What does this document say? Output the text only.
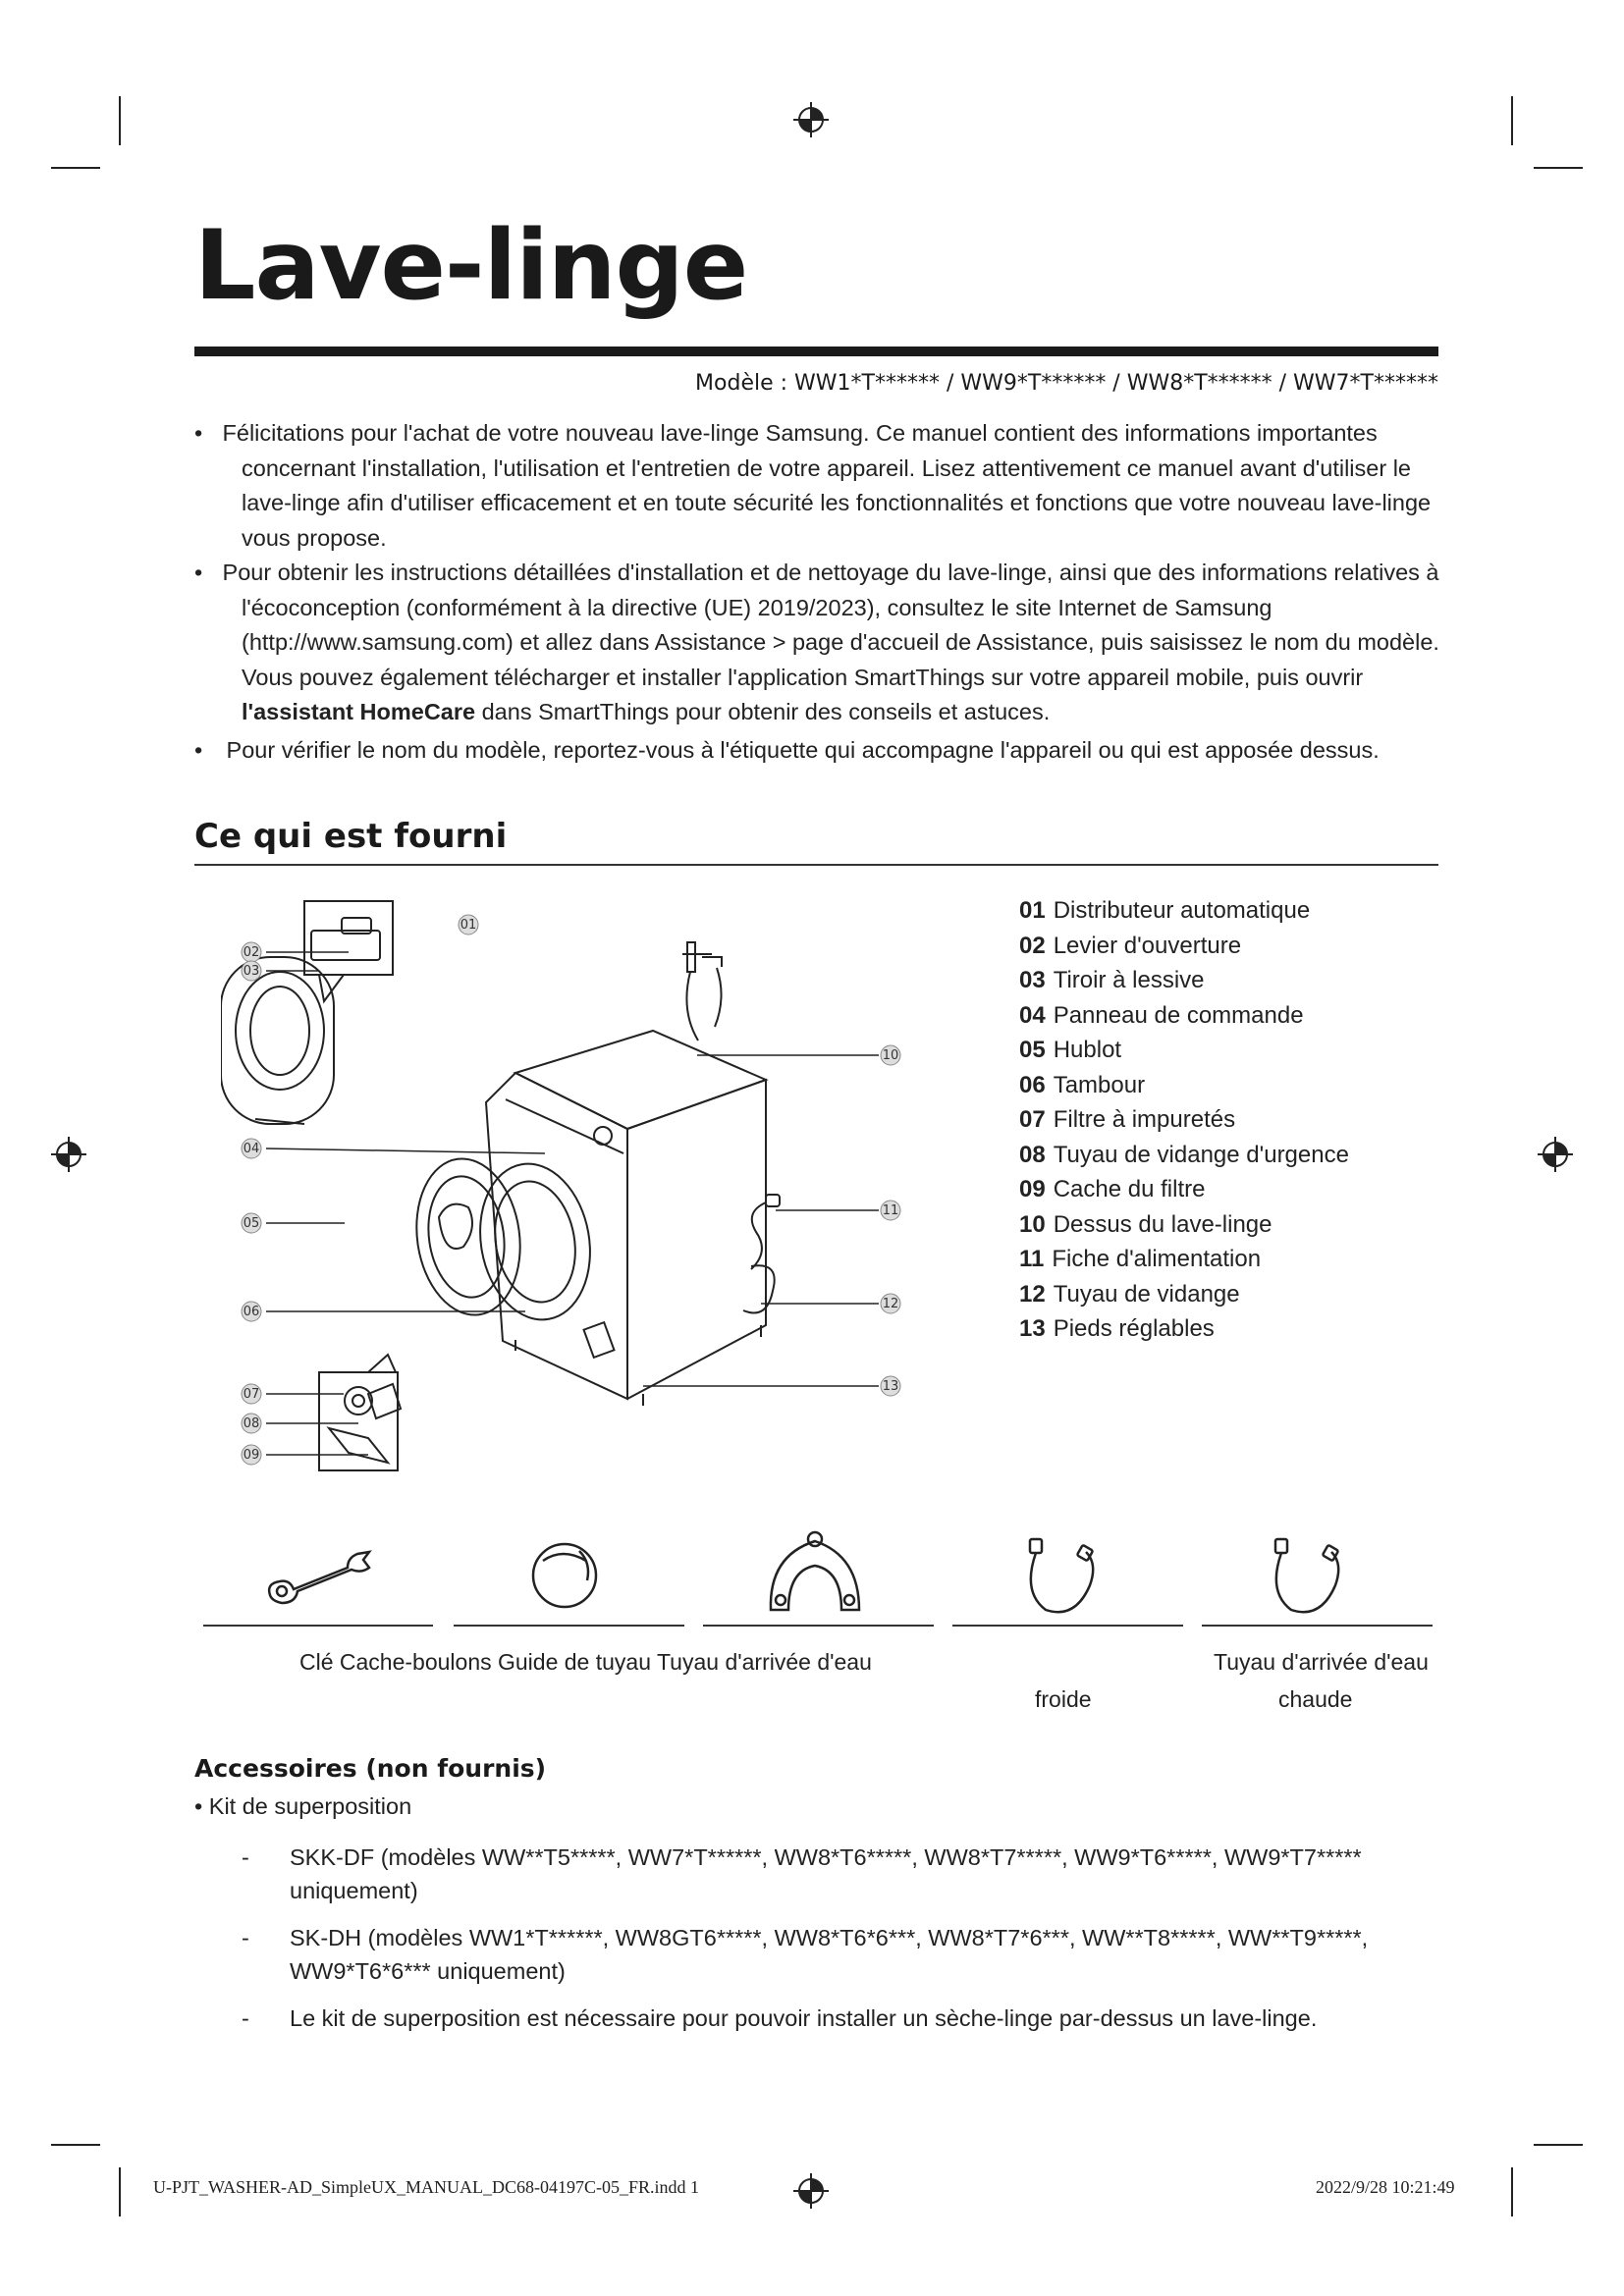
Lave-linge
Modèle : WW1*T****** / WW9*T****** / WW8*T****** / WW7*T******

• Félicitations pour l'achat de votre nouveau lave-linge Samsung. Ce manuel contient des informations importantes concernant l'installation, l'utilisation et l'entretien de votre appareil. Lisez attentivement ce manuel avant d'utiliser le lave-linge afin d'utiliser efficacement et en toute sécurité les fonctionnalités et fonctions que votre nouveau lave-linge vous propose.

• Pour obtenir les instructions détaillées d'installation et de nettoyage du lave-linge, ainsi que des informations relatives à l'écoconception (conformément à la directive (UE) 2019/2023), consultez le site Internet de Samsung (http://www.samsung.com) et allez dans Assistance > page d'accueil de Assistance, puis saisissez le nom du modèle.

Vous pouvez également télécharger et installer l'application SmartThings sur votre appareil mobile, puis ouvrir
l'assistant HomeCare dans SmartThings pour obtenir des conseils et astuces.

• Pour vérifier le nom du modèle, reportez-vous à l'étiquette qui accompagne l'appareil ou qui est apposée dessus.

Ce qui est fourni
01
02
03
04
05
06
07
08
09
10
11
12
13
01 Distributeur automatique
02 Levier d'ouverture
03 Tiroir à lessive
04 Panneau de commande
05 Hublot
06 Tambour
07 Filtre à impuretés
08 Tuyau de vidange d'urgence
09 Cache du filtre
10 Dessus du lave-linge
11 Fiche d'alimentation
12 Tuyau de vidange
13 Pieds réglables
Clé Cache-boulons Guide de tuyau Tuyau d'arrivée d'eau	Tuyau d'arrivée d'eau
froide	chaude
Accessoires (non fournis)
• Kit de superposition
- SKK-DF (modèles WW**T5*****, WW7*T******, WW8*T6*****, WW8*T7*****, WW9*T6*****, WW9*T7***** uniquement)
- SK-DH (modèles WW1*T******, WW8GT6*****, WW8*T6*6***, WW8*T7*6***, WW**T8*****, WW**T9*****, WW9*T6*6*** uniquement)
- Le kit de superposition est nécessaire pour pouvoir installer un sèche-linge par-dessus un lave-linge.
U-PJT_WASHER-AD_SimpleUX_MANUAL_DC68-04197C-05_FR.indd 1	2022/9/28 10:21:49
